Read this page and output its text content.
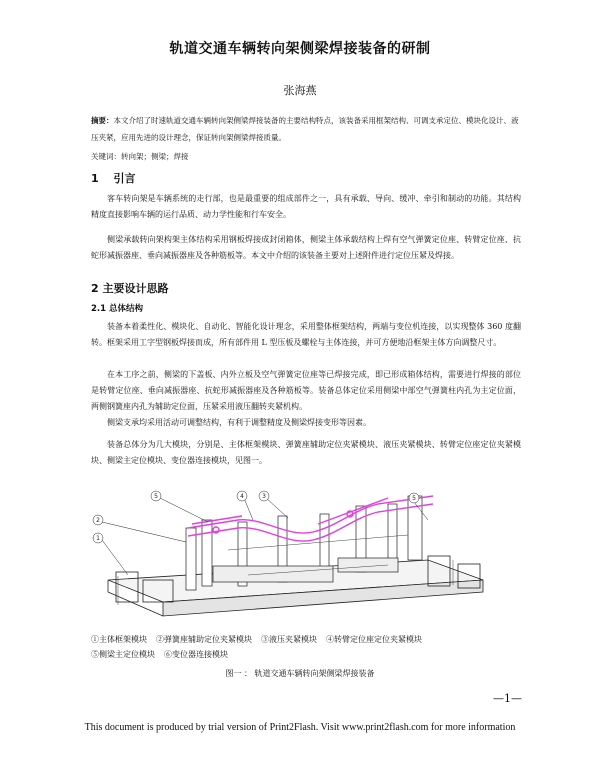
轨道交通车辆转向架侧梁焊接装备的研制
张海燕
摘要：本文介绍了时速轨道交通车辆转向架侧梁焊接装备的主要结构特点，该装备采用框架结构、可调支承定位、模块化设计、液压夹紧，应用先进的设计理念，保证转向架侧梁焊接质量。
关键词：转向架；侧梁；焊接
1　 引言
客车转向架是车辆系统的走行部，也是最重要的组成部件之一，具有承载、导向、缓冲、牵引和制动的功能。其结构精度直接影响车辆的运行品质、动力学性能和行车安全。
侧梁承载转向架构架主体结构采用钢板焊接成封闭箱体，侧梁主体承载结构上焊有空气弹簧定位座、转臂定位座、抗蛇形减振器座、垂向减振器座及各种筋板等。本文中介绍的该装备主要对上述附件进行定位压紧及焊接。
2 主要设计思路
2.1 总体结构
装备本着柔性化、模块化、自动化、智能化设计理念，采用整体框架结构，两端与变位机连接，以实现整体 360 度翻转。框架采用工字型钢板焊接而成，所有部件用 L 型压板及螺栓与主体连接，并可方便地沿框架主体方向调整尺寸。
在本工序之前，侧梁的下盖板、内外立板及空气弹簧定位座等已焊接完成，即已形成箱体结构，需要进行焊接的部位是转臂定位座、垂向减振器座、抗蛇形减振器座及各种筋板等。装备总体定位采用侧梁中部空气弹簧柱内孔为主定位面，两侧钢簧座内孔为辅助定位面，压紧采用液压翻转夹紧机构。
侧梁支承均采用活动可调整结构，有利于调整精度及侧梁焊接变形等因素。
装备总体分为几大模块，分别是、主体框架模块、弹簧座辅助定位夹紧模块、液压夹紧模块、转臂定位座定位夹紧模块、侧梁主定位模块、变位器连接模块，见图一。
5	4	3	5
2
1
①主体框架模块 ②弹簧座辅助定位夹紧模块 ③液压夹紧模块 ④转臂定位座定位夹紧模块
⑤侧梁主定位模块 ⑥变位器连接模块
图一 ： 轨道交通车辆转向架侧梁焊接装备
—1—
This document is produced by trial version of Print2Flash. Visit www.print2flash.com for more information
